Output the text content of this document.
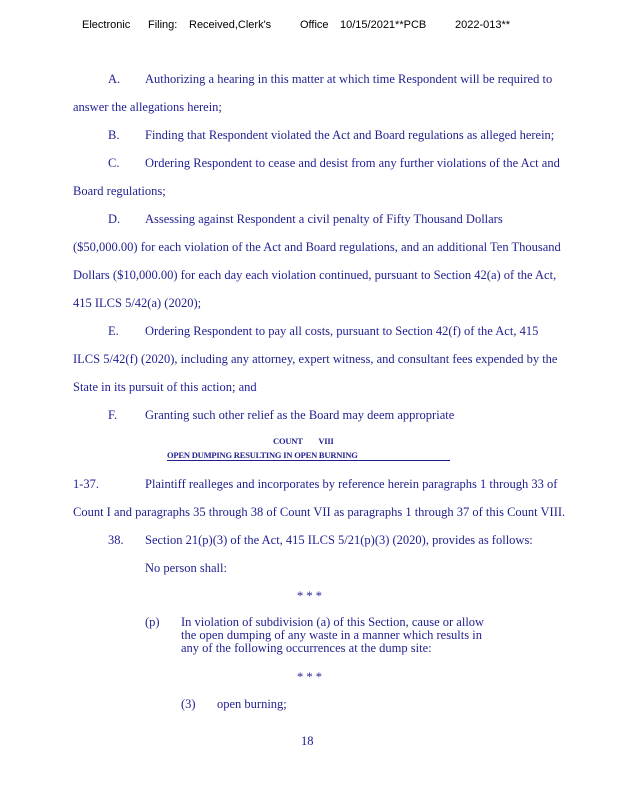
Electronic Filing: Received,Clerk's	Office 10/15/2021**PCB	2022-013**
A. Authorizing a hearing in this matter at which time Respondent will be required to
answer the allegations herein;
B. Finding that Respondent violated the Act and Board regulations as alleged herein;
C. Ordering Respondent to cease and desist from any further violations of the Act and
Board regulations;
D. Assessing against Respondent a civil penalty of Fifty Thousand Dollars
($50,000.00) for each violation of the Act and Board regulations, and an additional Ten Thousand
Dollars ($10,000.00) for each day each violation continued, pursuant to Section 42(a) of the Act,
415 ILCS 5/42(a) (2020);
E. Ordering Respondent to pay all costs, pursuant to Section 42(f) of the Act, 415
ILCS 5/42(f) (2020), including any attorney, expert witness, and consultant fees expended by the
State in its pursuit of this action; and
F. Granting such other relief as the Board may deem appropriate
COUNT VIII
OPEN DUMPING RESULTING IN OPEN BURNING
1-37.	Plaintiff realleges and incorporates by reference herein paragraphs 1 through 33 of
Count I and paragraphs 35 through 38 of Count VII as paragraphs 1 through 37 of this Count VIII.
38. Section 21(p)(3) of the Act, 415 ILCS 5/21(p)(3) (2020), provides as follows:
No person shall:
* * *
(p) In violation of subdivision (a) of this Section, cause or allow
the open dumping of any waste in a manner which results in
any of the following occurrences at the dump site:
* * *
(3) open burning;
18
